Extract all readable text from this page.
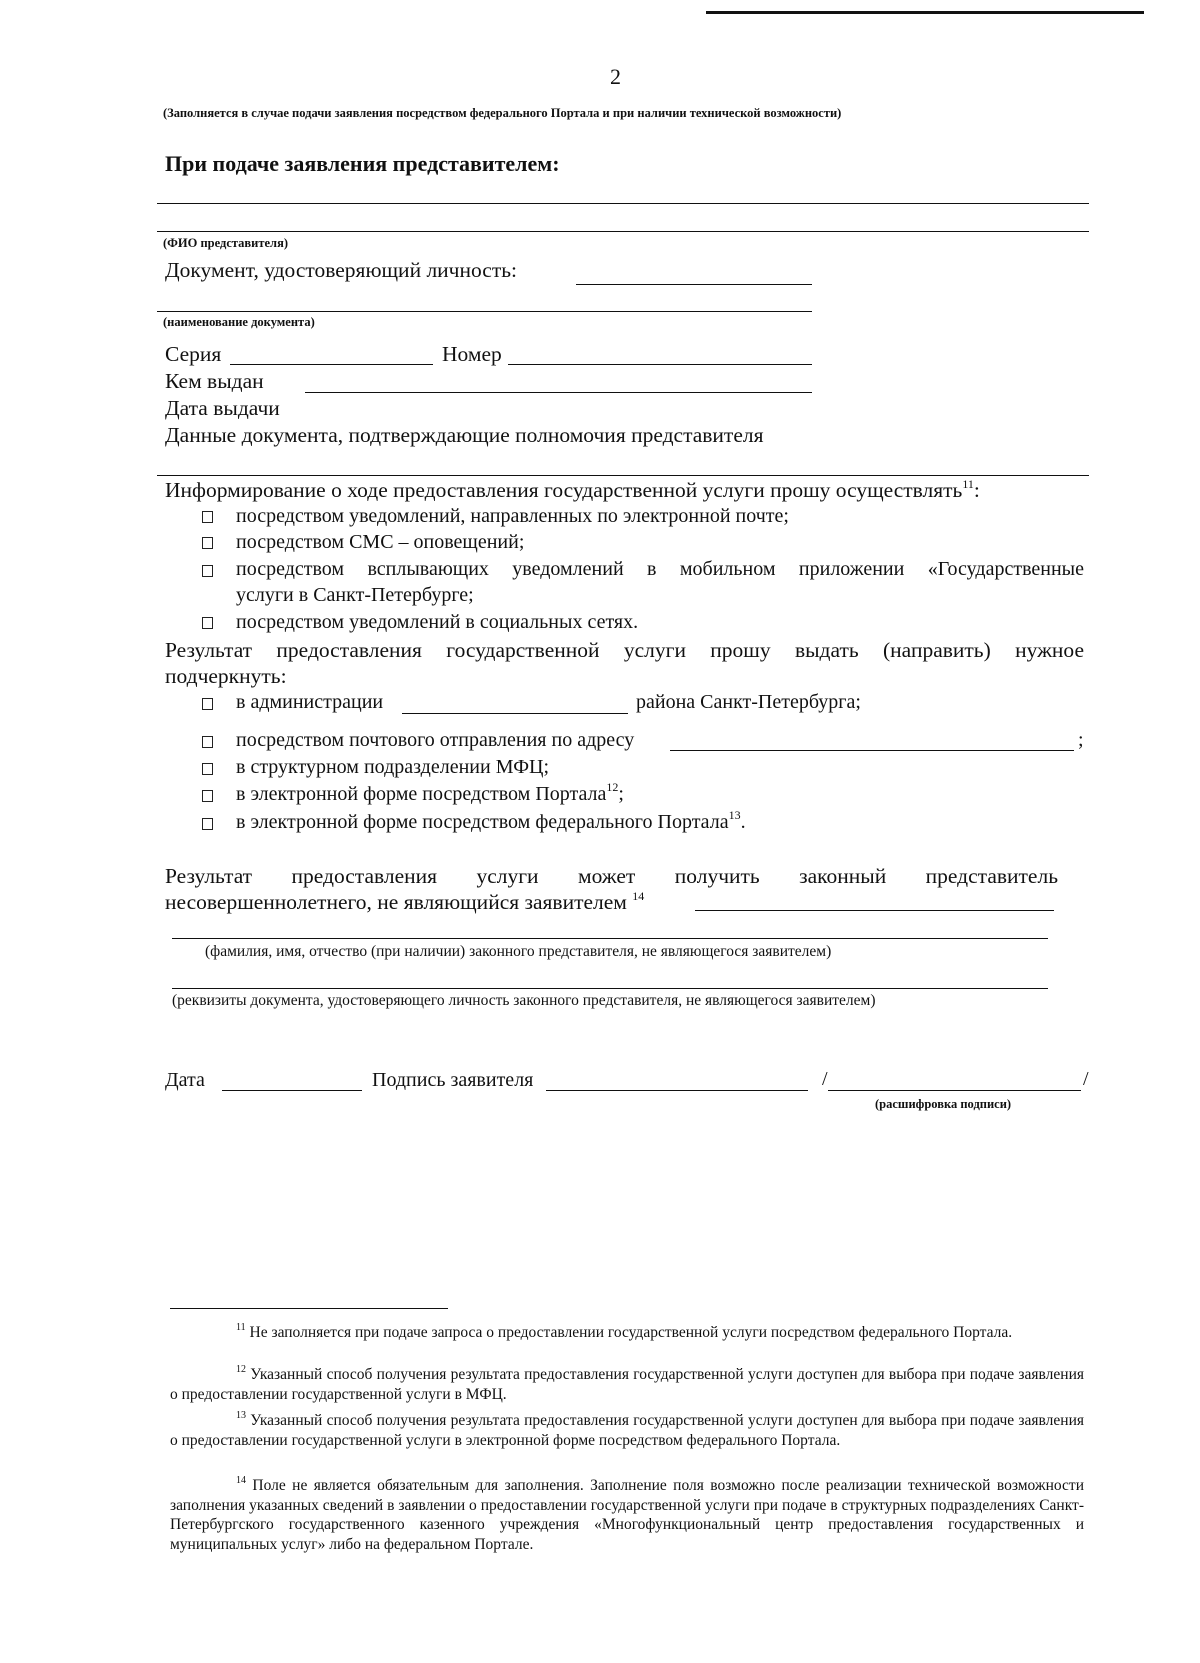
2
(Заполняется в случае подачи заявления посредством федерального Портала и при наличии технической возможности)
При подаче заявления представителем:
(ФИО представителя)
Документ, удостоверяющий личность:
(наименование документа)
Серия	Номер
Кем выдан
Дата выдачи
Данные документа, подтверждающие полномочия представителя
Информирование о ходе предоставления государственной услуги прошу осуществлять$^{11}$:
посредством уведомлений, направленных по электронной почте;
посредством СМС – оповещений;
посредством всплывающих уведомлений в мобильном приложении «Государственные
услуги в Санкт-Петербурге;
посредством уведомлений в социальных сетях.
Результат предоставления государственной услуги прошу выдать (направить) нужное
подчеркнуть:
в администрации	района Санкт-Петербурга;
посредством почтового отправления по адресу	;
в структурном подразделении МФЦ;
в электронной форме посредством Портала$^{12}$;
в электронной форме посредством федерального Портала$^{13}$.
Результат предоставления услуги может получить законный представитель
несовершеннолетнего, не являющийся заявителем $^{14}$
(фамилия, имя, отчество (при наличии) законного представителя, не являющегося заявителем)
(реквизиты документа, удостоверяющего личность законного представителя, не являющегося заявителем)
Дата	Подпись заявителя	/	/
(расшифровка подписи)
$^{11}$ Не заполняется при подаче запроса о предоставлении государственной услуги посредством федерального Портала.
$^{12}$ Указанный способ получения результата предоставления государственной услуги доступен для выбора при подаче заявления о предоставлении государственной услуги в МФЦ.
$^{13}$ Указанный способ получения результата предоставления государственной услуги доступен для выбора при подаче заявления о предоставлении государственной услуги в электронной форме посредством федерального Портала.
$^{14}$ Поле не является обязательным для заполнения. Заполнение поля возможно после реализации технической возможности заполнения указанных сведений в заявлении о предоставлении государственной услуги при подаче в структурных подразделениях Санкт-Петербургского государственного казенного учреждения «Многофункциональный центр предоставления государственных и муниципальных услуг» либо на федеральном Портале.
